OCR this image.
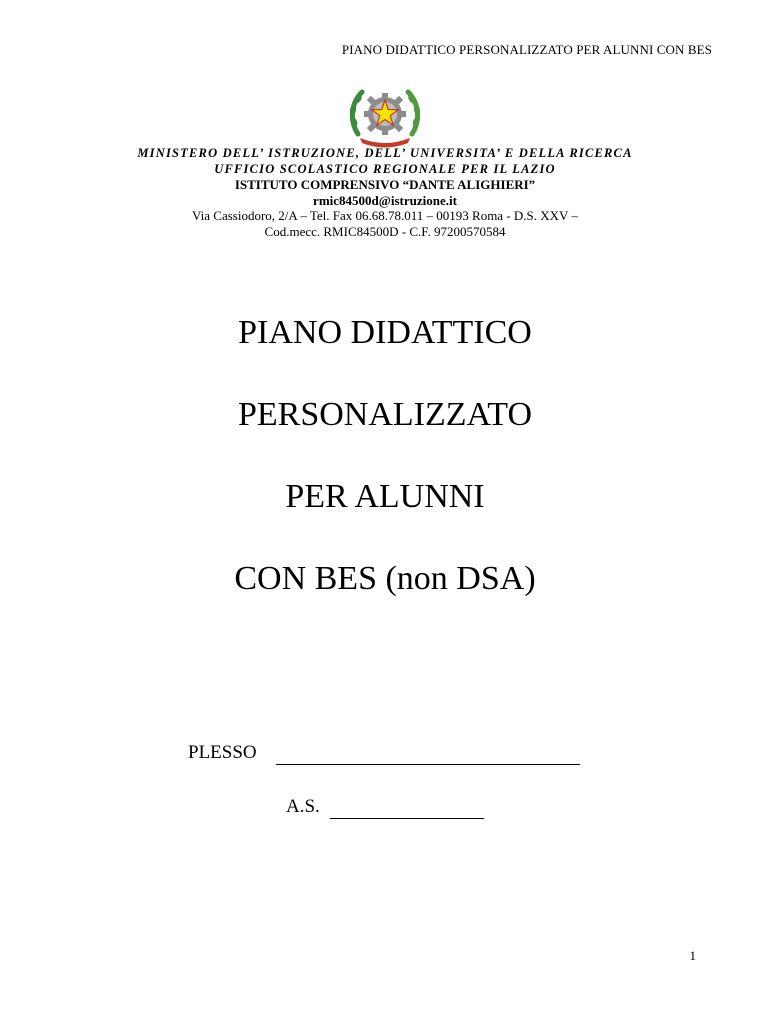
PIANO DIDATTICO PERSONALIZZATO PER ALUNNI CON BES
MINISTERO DELL’ ISTRUZIONE, DELL’ UNIVERSITA’ E DELLA RICERCA
UFFICIO SCOLASTICO REGIONALE PER IL LAZIO
ISTITUTO COMPRENSIVO “DANTE ALIGHIERI”
rmic84500d@istruzione.it
Via Cassiodoro, 2/A – Tel. Fax 06.68.78.011 – 00193 Roma - D.S. XXV –
Cod.mecc. RMIC84500D - C.F. 97200570584
PIANO DIDATTICO
PERSONALIZZATO
PER ALUNNI
CON BES (non DSA)
PLESSO
A.S.
1
